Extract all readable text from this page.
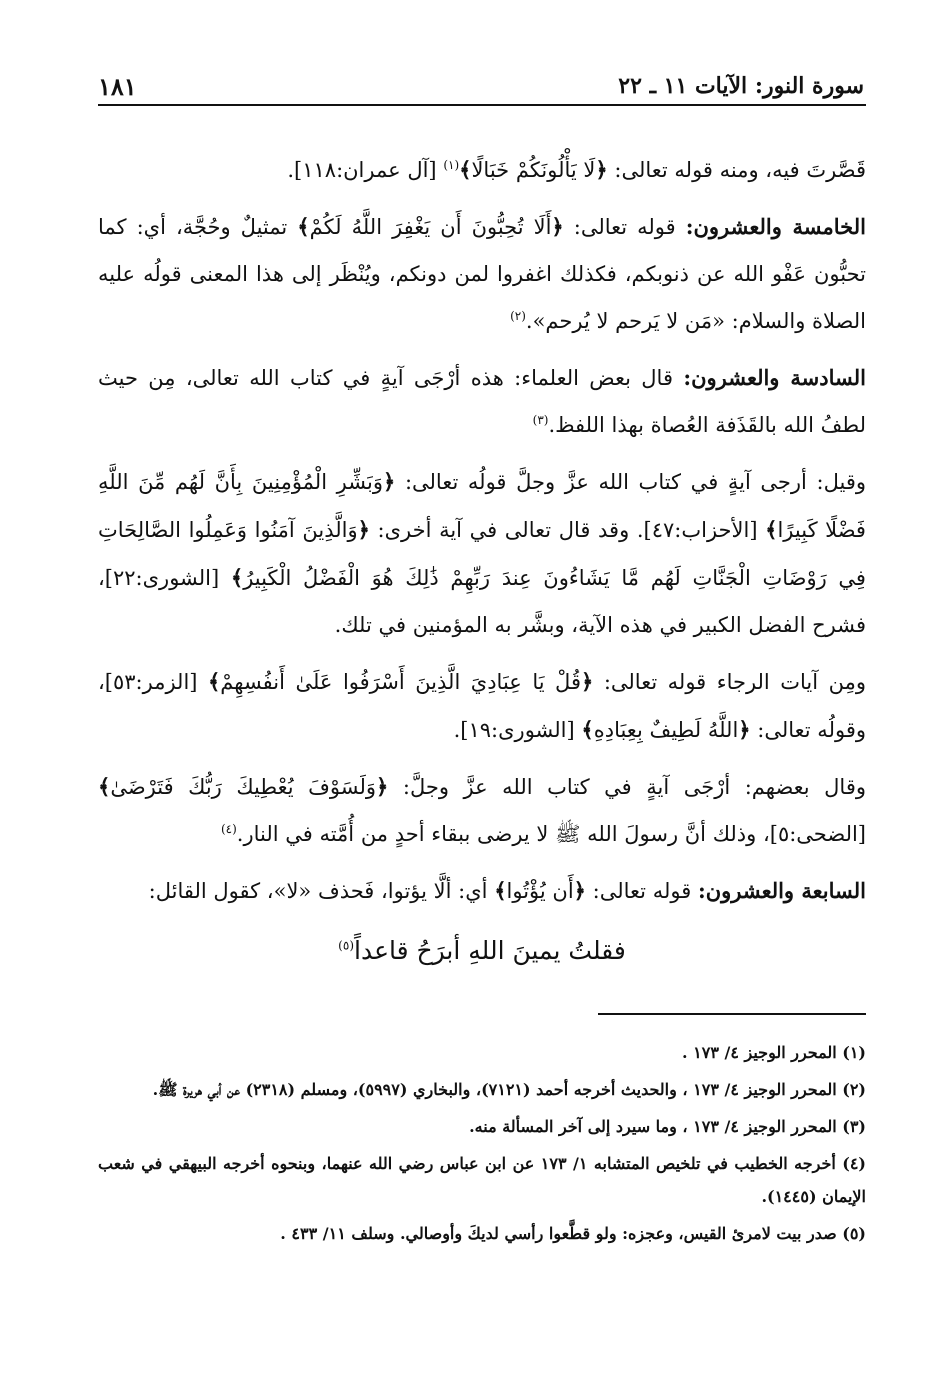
سورة النور: الآيات ١١ ـ ٢٢
١٨١

قَصَّرتَ فيه، ومنه قوله تعالى: ﴿لَا يَأْلُونَكُمْ خَبَالًا﴾$^{(١)}$ [آل عمران:١١٨].

الخامسة والعشرون: قوله تعالى: ﴿أَلَا تُحِبُّونَ أَن يَغْفِرَ اللَّهُ لَكُمْ﴾ تمثيلٌ وحُجَّة، أي: كما تحبُّون عَفْو الله عن ذنوبكم، فكذلك اغفروا لمن دونكم، ويُنْظَر إلى هذا المعنى قولُه عليه الصلاة والسلام: «مَن لا يَرحم لا يُرحم».$^{(٢)}$

السادسة والعشرون: قال بعض العلماء: هذه أرْجَى آيةٍ في كتاب الله تعالى، مِن حيث لطفُ الله بالقَذَفة العُصاة بهذا اللفظ.$^{(٣)}$

وقيل: أرجى آيةٍ في كتاب الله عزَّ وجلَّ قولُه تعالى: ﴿وَبَشِّرِ الْمُؤْمِنِينَ بِأَنَّ لَهُم مِّنَ اللَّهِ فَضْلًا كَبِيرًا﴾ [الأحزاب:٤٧]. وقد قال تعالى في آية أخرى: ﴿وَالَّذِينَ آمَنُوا وَعَمِلُوا الصَّالِحَاتِ فِي رَوْضَاتِ الْجَنَّاتِ لَهُم مَّا يَشَاءُونَ عِندَ رَبِّهِمْ ذَٰلِكَ هُوَ الْفَضْلُ الْكَبِيرُ﴾ [الشورى:٢٢]، فشرح الفضل الكبير في هذه الآية، وبشَّر به المؤمنين في تلك.

ومِن آيات الرجاء قوله تعالى: ﴿قُلْ يَا عِبَادِيَ الَّذِينَ أَسْرَفُوا عَلَىٰ أَنفُسِهِمْ﴾ [الزمر:٥٣]، وقولُه تعالى: ﴿اللَّهُ لَطِيفٌ بِعِبَادِهِ﴾ [الشورى:١٩].

وقال بعضهم: أرْجَى آيةٍ في كتاب الله عزَّ وجلَّ: ﴿وَلَسَوْفَ يُعْطِيكَ رَبُّكَ فَتَرْضَىٰ﴾ [الضحى:٥]، وذلك أنَّ رسولَ الله ﷺ لا يرضى ببقاء أحدٍ من أُمَّته في النار.$^{(٤)}$

السابعة والعشرون: قوله تعالى: ﴿أَن يُؤْتُوا﴾ أي: ألَّا يؤتوا، فَحذف «لا»، كقول القائل:

فقلتُ يمينَ اللهِ أبرَحُ قاعداً$^{(٥)}$

(١) المحرر الوجيز ٤/ ١٧٣ .

(٢) المحرر الوجيز ٤/ ١٧٣ ، والحديث أخرجه أحمد (٧١٢١)، والبخاري (٥٩٩٧)، ومسلم (٢٣١٨) عن أبي هريرة ﷺ.

(٣) المحرر الوجيز ٤/ ١٧٣ ، وما سيرد إلى آخر المسألة منه.

(٤) أخرجه الخطيب في تلخيص المتشابه ١/ ١٧٣ عن ابن عباس رضي الله عنهما، وبنحوه أخرجه البيهقي في شعب الإيمان (١٤٤٥).

(٥) صدر بيت لامرئ القيس، وعجزه: ولو قطَّعوا رأسي لديكَ وأوصالي. وسلف ١١/ ٤٣٣ .
